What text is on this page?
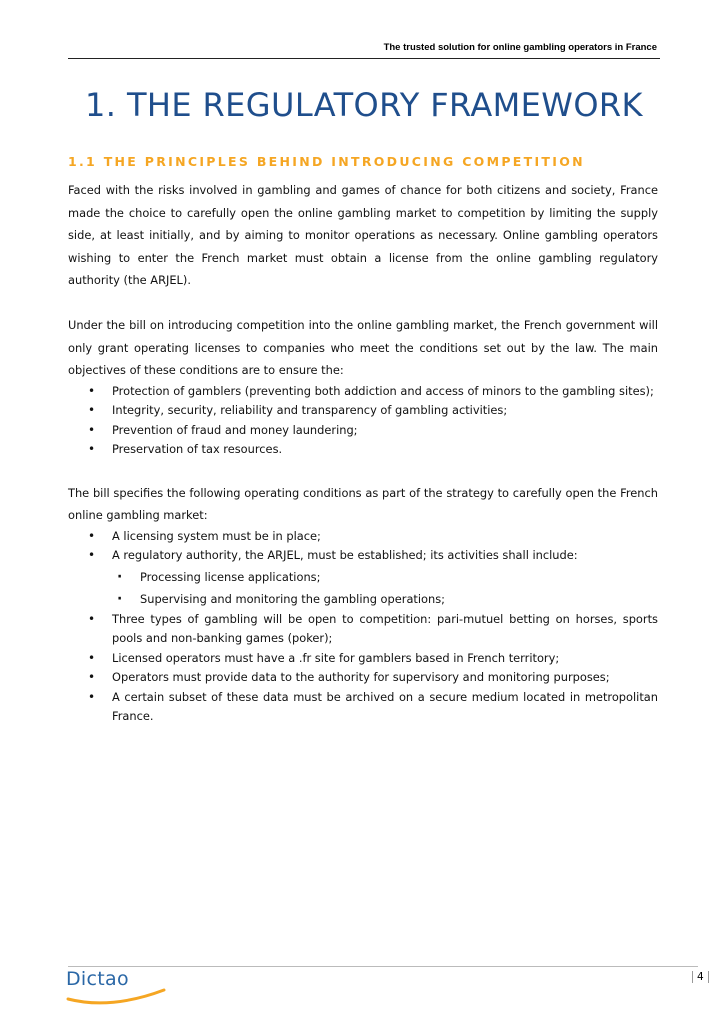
The trusted solution for online gambling operators in France
1. THE REGULATORY FRAMEWORK
1.1 THE PRINCIPLES BEHIND INTRODUCING COMPETITION

Faced with the risks involved in gambling and games of chance for both citizens and society, France made the choice to carefully open the online gambling market to competition by limiting the supply side, at least initially, and by aiming to monitor operations as necessary. Online gambling operators wishing to enter the French market must obtain a license from the online gambling regulatory authority (the ARJEL).

Under the bill on introducing competition into the online gambling market, the French government will only grant operating licenses to companies who meet the conditions set out by the law. The main objectives of these conditions are to ensure the:

• Protection of gamblers (preventing both addiction and access of minors to the gambling sites);
• Integrity, security, reliability and transparency of gambling activities;
• Prevention of fraud and money laundering;
• Preservation of tax resources.

The bill specifies the following operating conditions as part of the strategy to carefully open the French online gambling market:

• A licensing system must be in place;
• A regulatory authority, the ARJEL, must be established; its activities shall include:
· Processing license applications;
· Supervising and monitoring the gambling operations;
• Three types of gambling will be open to competition: pari-mutuel betting on horses, sports pools and non-banking games (poker);
• Licensed operators must have a .fr site for gamblers based in French territory;
• Operators must provide data to the authority for supervisory and monitoring purposes;
• A certain subset of these data must be archived on a secure medium located in metropolitan France.
Dictao	4
